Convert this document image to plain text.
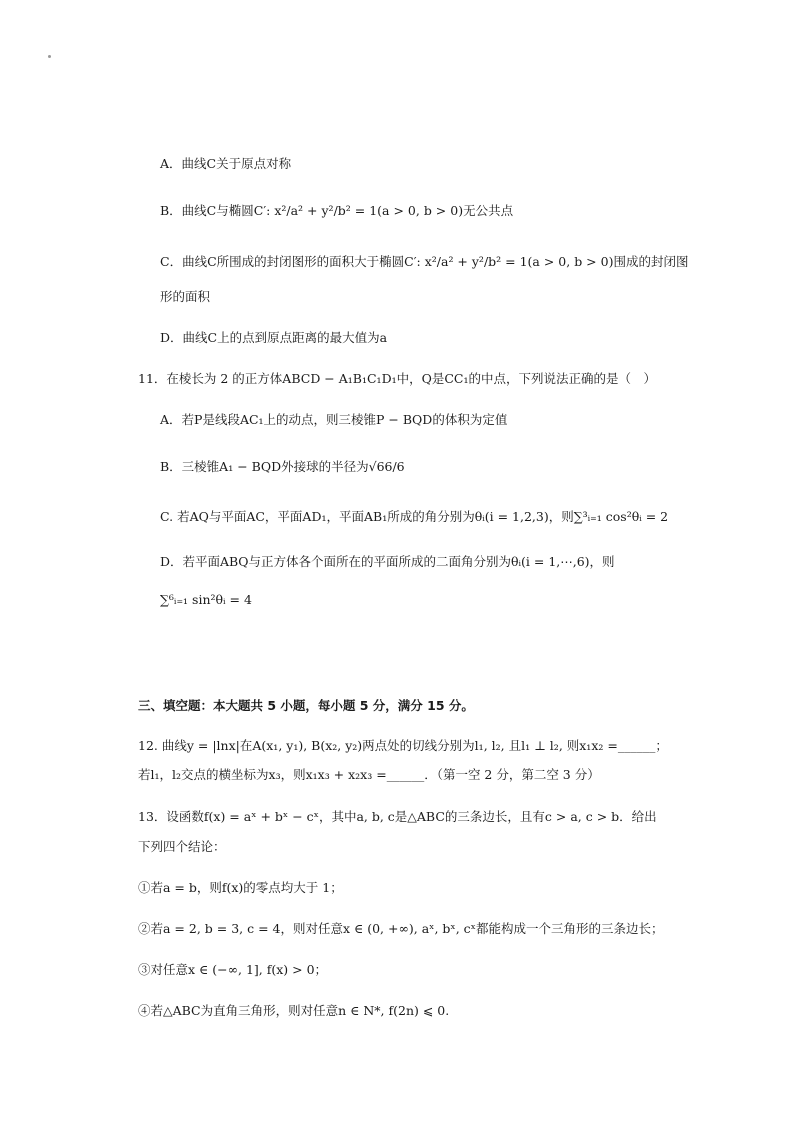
A．曲线C关于原点对称
B．曲线C与椭圆C′: x²/a² + y²/b² = 1(a > 0, b > 0)无公共点
C．曲线C所围成的封闭图形的面积大于椭圆C′: x²/a² + y²/b² = 1(a > 0, b > 0)围成的封闭图
形的面积
D．曲线C上的点到原点距离的最大值为a
11．在棱长为 2 的正方体ABCD − A₁B₁C₁D₁中，Q是CC₁的中点，下列说法正确的是（　）
A．若P是线段AC₁上的动点，则三棱锥P − BQD的体积为定值
B．三棱锥A₁ − BQD外接球的半径为√66/6
C. 若AQ与平面AC，平面AD₁，平面AB₁所成的角分别为θᵢ(i = 1,2,3)，则∑³ᵢ₌₁ cos²θᵢ = 2
D．若平面ABQ与正方体各个面所在的平面所成的二面角分别为θᵢ(i = 1,⋯,6)，则
∑⁶ᵢ₌₁ sin²θᵢ = 4
三、填空题：本大题共 5 小题，每小题 5 分，满分 15 分。
12. 曲线y = |lnx|在A(x₁, y₁), B(x₂, y₂)两点处的切线分别为l₁, l₂, 且l₁ ⊥ l₂, 则x₁x₂ =______；
若l₁，l₂交点的横坐标为x₃，则x₁x₃ + x₂x₃ =______．（第一空 2 分，第二空 3 分）
13．设函数f(x) = aˣ + bˣ − cˣ，其中a, b, c是△ABC的三条边长，且有c > a, c > b．给出
下列四个结论：
①若a = b，则f(x)的零点均大于 1；
②若a = 2, b = 3, c = 4，则对任意x ∈ (0, +∞), aˣ, bˣ, cˣ都能构成一个三角形的三条边长；
③对任意x ∈ (−∞, 1], f(x) > 0；
④若△ABC为直角三角形，则对任意n ∈ N*, f(2n) ⩽ 0.
